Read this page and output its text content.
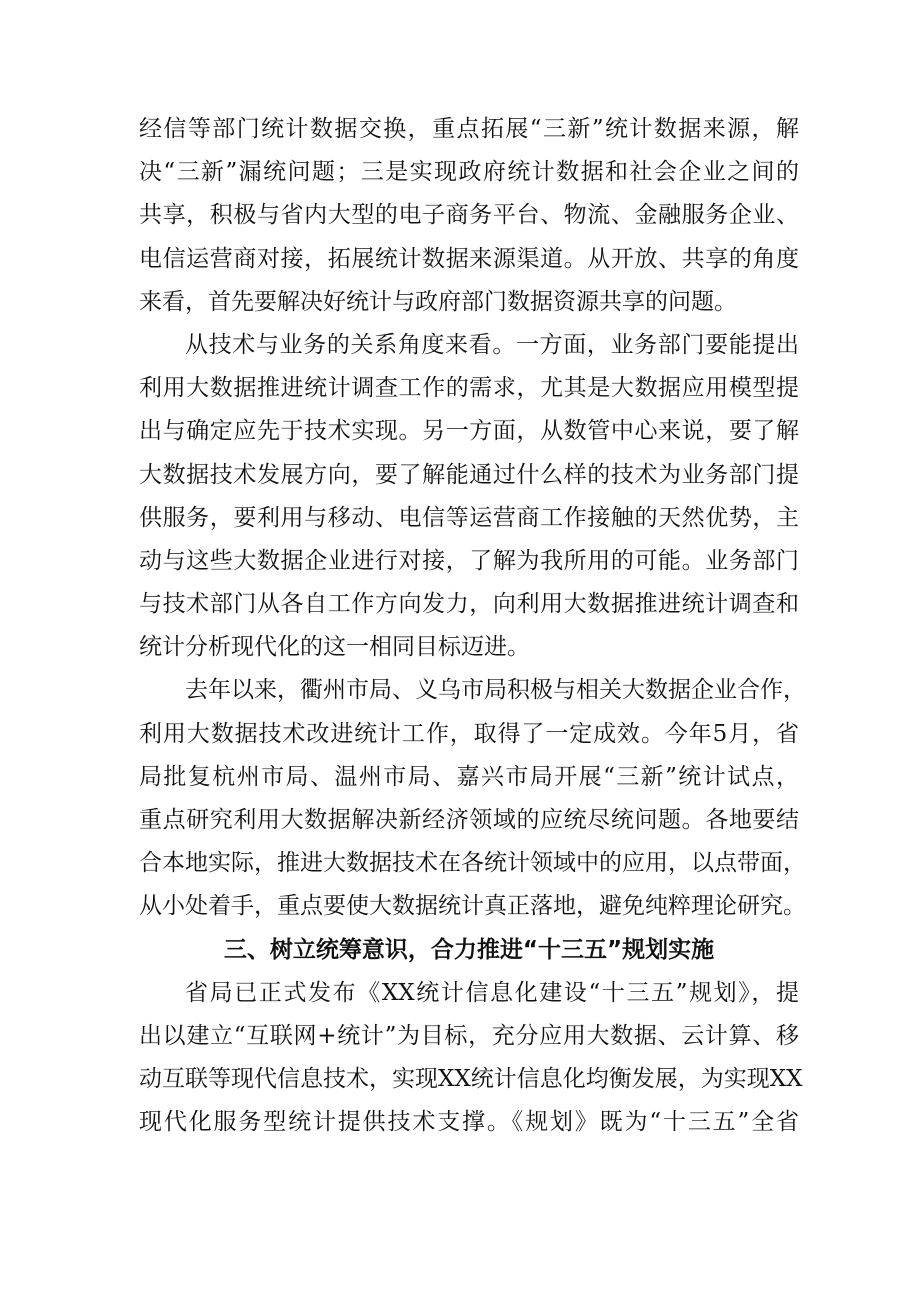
经信等部门统计数据交换，重点拓展“三新”统计数据来源，解
决“三新”漏统问题；三是实现政府统计数据和社会企业之间的
共享，积极与省内大型的电子商务平台、物流、金融服务企业、
电信运营商对接，拓展统计数据来源渠道。从开放、共享的角度
来看，首先要解决好统计与政府部门数据资源共享的问题。
从技术与业务的关系角度来看。一方面，业务部门要能提出
利用大数据推进统计调查工作的需求，尤其是大数据应用模型提
出与确定应先于技术实现。另一方面，从数管中心来说，要了解
大数据技术发展方向，要了解能通过什么样的技术为业务部门提
供服务，要利用与移动、电信等运营商工作接触的天然优势，主
动与这些大数据企业进行对接，了解为我所用的可能。业务部门
与技术部门从各自工作方向发力，向利用大数据推进统计调查和
统计分析现代化的这一相同目标迈进。
去年以来，衢州市局、义乌市局积极与相关大数据企业合作，
利用大数据技术改进统计工作，取得了一定成效。今年5月，省
局批复杭州市局、温州市局、嘉兴市局开展“三新”统计试点，
重点研究利用大数据解决新经济领域的应统尽统问题。各地要结
合本地实际，推进大数据技术在各统计领域中的应用，以点带面，
从小处着手，重点要使大数据统计真正落地，避免纯粹理论研究。
三、树立统筹意识，合力推进“十三五”规划实施
省局已正式发布《XX统计信息化建设“十三五”规划》，提
出以建立“互联网+统计”为目标，充分应用大数据、云计算、移
动互联等现代信息技术，实现XX统计信息化均衡发展，为实现XX
现代化服务型统计提供技术支撑。《规划》既为“十三五”全省
